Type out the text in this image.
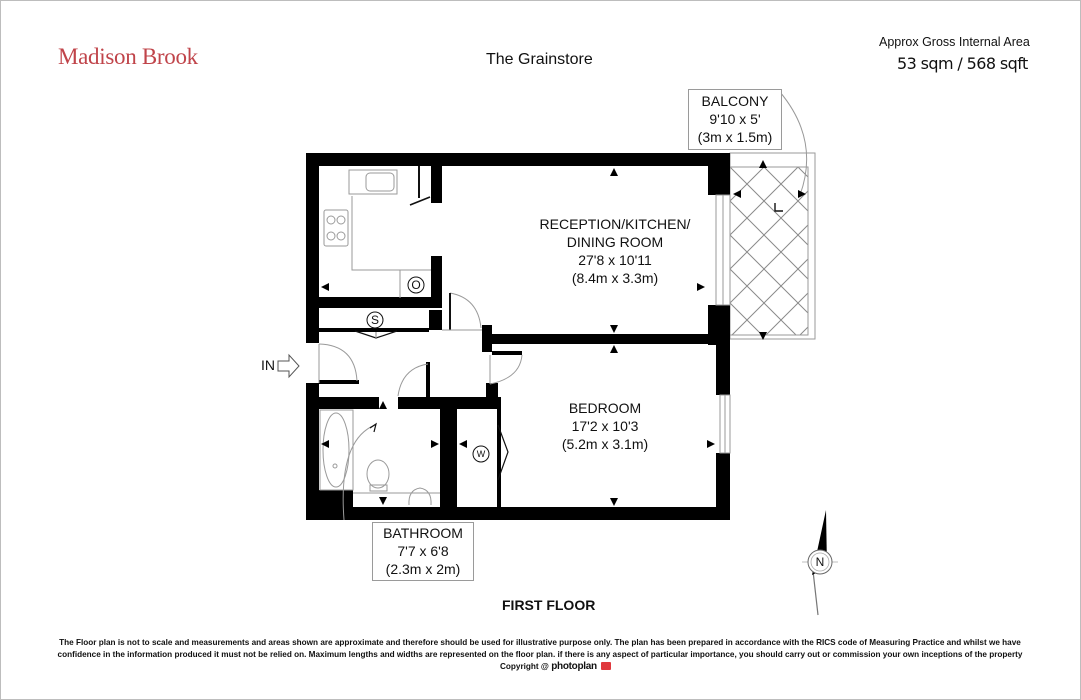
Madison Brook	The Grainstore
Approx Gross Internal Area
53 sqm / 568 sqft
O
S
W
N
RECEPTION/KITCHEN/
DINING ROOM
27'8 x 10'11
(8.4m x 3.3m)
BEDROOM
17'2 x 10'3
(5.2m x 3.1m)
BATHROOM
7'7 x 6'8
(2.3m x 2m)
BALCONY
9'10 x 5'
(3m x 1.5m)
IN
FIRST FLOOR
The Floor plan is not to scale and measurements and areas shown are approximate and therefore should be used for illustrative purpose only. The plan has been prepared in accordance with the RICS code of Measuring Practice and whilst we have
confidence in the information produced it must not be relied on. Maximum lengths and widths are represented on the floor plan. if there is any aspect of particular importance, you should carry out or commission your own inceptions of the property
Copyright @ photoplan
